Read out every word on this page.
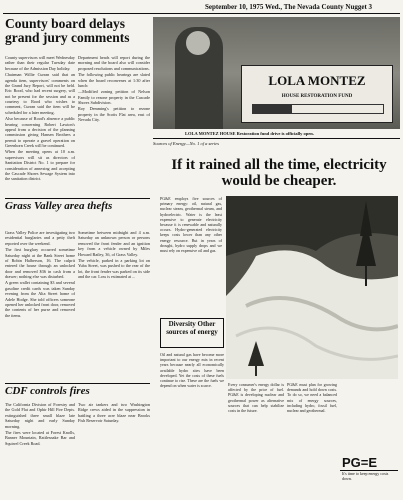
September 10, 1975 Wed., The Nevada County Nugget 3
County board delays grand jury comments

County supervisors will meet Wednesday rather than their regular Tuesday date because of the Admission Day holiday.

Chairman Willie Curran said that an agenda item, supervisors' comments on the Grand Jury Report, will not be held. Eric Rood, who had recent surgery, will not be present for the session and as a courtesy to Rood who wishes to comment, Curran said the item will be scheduled for a later meeting.

Also because of Rood's absence a public hearing concerning Robert Lawton's appeal from a decision of the planning commission giving Hansen Brothers a permit to operate a gravel operation on Greenhorn Creek will be continued.

When the meeting opens at 10 a.m. supervisors will sit as directors of Sanitation District No. 1 to prepare for consideration of annexing and accepting the Cascade Shores Sewage System into the sanitation district.

Department heads will report during the morning and the board also will consider proposed resolutions and communications.

The following public hearings are slated when the board reconvenes at 1:30 after lunch:

—Modified zoning petition of Nelson Family to rezone property in the Cascade Shores Subdivision.

Roy Demming's petition to rezone property in the Scotts Flat area, east of Nevada City.

LOLA MONTEZ
HOUSE RESTORATION FUND
LOLA MONTEZ HOUSE Restoration fund drive is officially open.
Sources of Energy—No. 1 of a series
Grass Valley area thefts

Grass Valley Police are investigating two residential burglaries and a petty theft reported over the weekend.

The first burglary occurred sometime Saturday night at the Bank Street home of Robin Halberson, 16. The culprit entered the house through an unlocked door and removed $36 in cash from a drawer; nothing else was disturbed.

A green wallet containing $3 and several gasoline credit cards was taken Sunday evening from the Alta Street home of Adele Hodge. She told officers someone opened her unlocked front door, removed the contents of her purse and removed the items.

Sometime between midnight and 4 a.m. Saturday an unknown person or persons removed the front fender and an ignition key from a vehicle owned by Miles Howard Bailey, 36, of Grass Valley.

The vehicle, parked in a parking lot on Yuba Street, was pushed to the rear of the lot, the front fender was parked on its side and the car. Loss is estimated at ...

CDF controls fires

The California Division of Forestry and the Gold Flat and Ophir Hill Fire Depts. extinguished three small blaze late Saturday night and early Sunday morning.

The fires were located at Forest Knolls, Banner Mountain, Rattlesnake Bar and Squirrel Creek Road.

Two air tankers and two Washington Ridge crews aided in the suppression in battling a three acre blaze near Brooks Fish Reservoir Saturday.

If it rained all the time, electricity would be cheaper.
PG&E employs five sources of primary energy: oil, natural gas, nuclear steam, geothermal steam, and hydroelectric. Water is the least expensive to generate electricity because it is renewable and naturally occurs. Hydro-generated electricity keeps costs lower than any other energy resource. But in years of drought, hydro supply drops and we must rely on expensive oil and gas.
Diversity Other sources of energy
Oil and natural gas have become more important to our energy mix in recent years because nearly all economically available hydro sites have been developed. Yet the costs of these fuels continue to rise. These are the fuels we depend on when water is scarce.	Every consumer's energy dollar is affected by the price of fuel. PG&E is developing nuclear and geothermal power as alternative sources that can help stabilize costs in the future.
PG&E must plan for growing demands and hold down costs. To do so, we need a balanced mix of energy sources, including hydro, fossil fuel, nuclear and geothermal.
PG=E
It's time to keep energy costs down.
